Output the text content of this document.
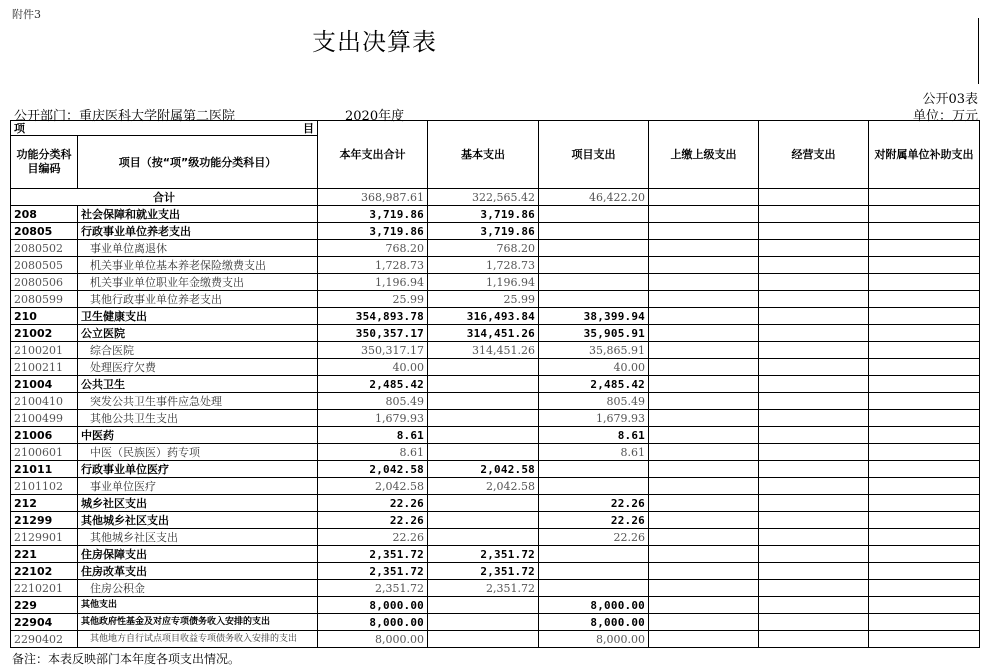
附件3
支出决算表
公开03表
公开部门：重庆医科大学附属第二医院	2020年度	单位：万元
项 目		本年支出合计	基本支出	项目支出	上缴上级支出	经营支出	对附属单位补助支出
功能分类科目编码	项目（按“项”级功能分类科目）						
合计		368,987.61	322,565.42	46,422.20			
208	社会保障和就业支出	3,719.86	3,719.86				
20805	行政事业单位养老支出	3,719.86	3,719.86				
2080502	事业单位离退休	768.20	768.20				
2080505	机关事业单位基本养老保险缴费支出	1,728.73	1,728.73				
2080506	机关事业单位职业年金缴费支出	1,196.94	1,196.94				
2080599	其他行政事业单位养老支出	25.99	25.99				
210	卫生健康支出	354,893.78	316,493.84	38,399.94			
21002	公立医院	350,357.17	314,451.26	35,905.91			
2100201	综合医院	350,317.17	314,451.26	35,865.91			
2100211	处理医疗欠费	40.00		40.00			
21004	公共卫生	2,485.42		2,485.42			
2100410	突发公共卫生事件应急处理	805.49		805.49			
2100499	其他公共卫生支出	1,679.93		1,679.93			
21006	中医药	8.61		8.61			
2100601	中医（民族医）药专项	8.61		8.61			
21011	行政事业单位医疗	2,042.58	2,042.58				
2101102	事业单位医疗	2,042.58	2,042.58				
212	城乡社区支出	22.26		22.26			
21299	其他城乡社区支出	22.26		22.26			
2129901	其他城乡社区支出	22.26		22.26			
221	住房保障支出	2,351.72	2,351.72				
22102	住房改革支出	2,351.72	2,351.72				
2210201	住房公积金	2,351.72	2,351.72				
229	其他支出	8,000.00		8,000.00			
22904	其他政府性基金及对应专项债务收入安排的支出	8,000.00		8,000.00			
2290402	其他地方自行试点项目收益专项债务收入安排的支出	8,000.00		8,000.00			
备注：本表反映部门本年度各项支出情况。
